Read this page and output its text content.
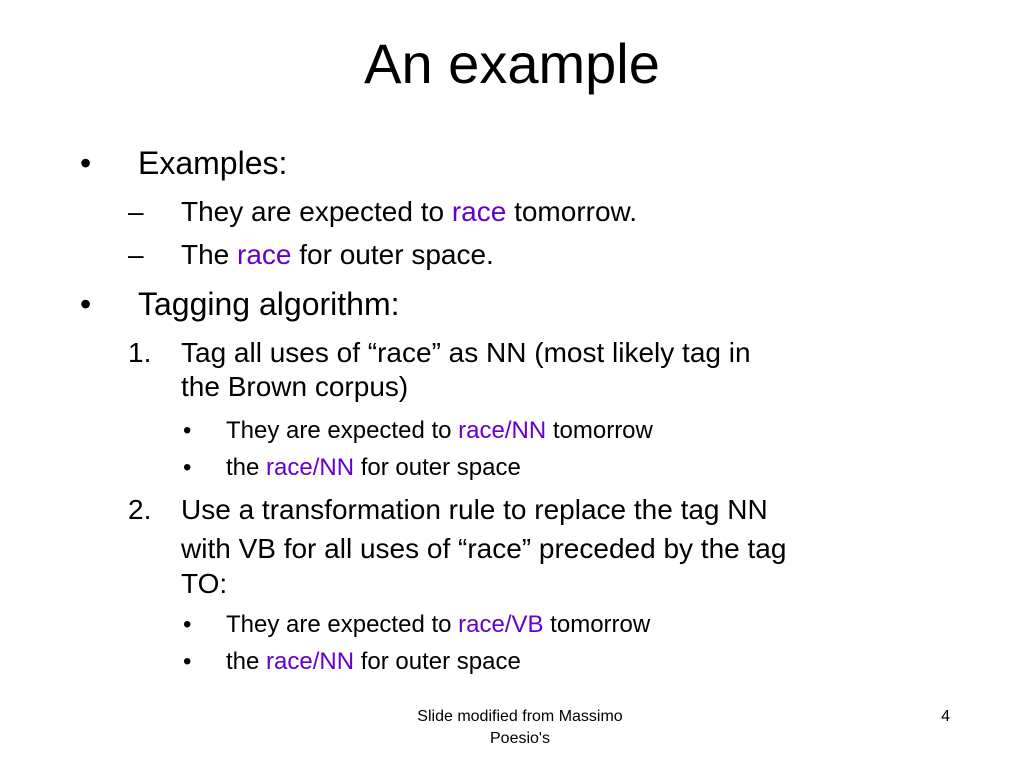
An example
• Examples:
– They are expected to race tomorrow.
– The race for outer space.
• Tagging algorithm:
1. Tag all uses of “race” as NN (most likely tag in
the Brown corpus)
• They are expected to race/NN tomorrow
• the race/NN for outer space
2. Use a transformation rule to replace the tag NN
with VB for all uses of “race” preceded by the tag
TO:
• They are expected to race/VB tomorrow
• the race/NN for outer space
Slide modified from Massimo
Poesio's
4
